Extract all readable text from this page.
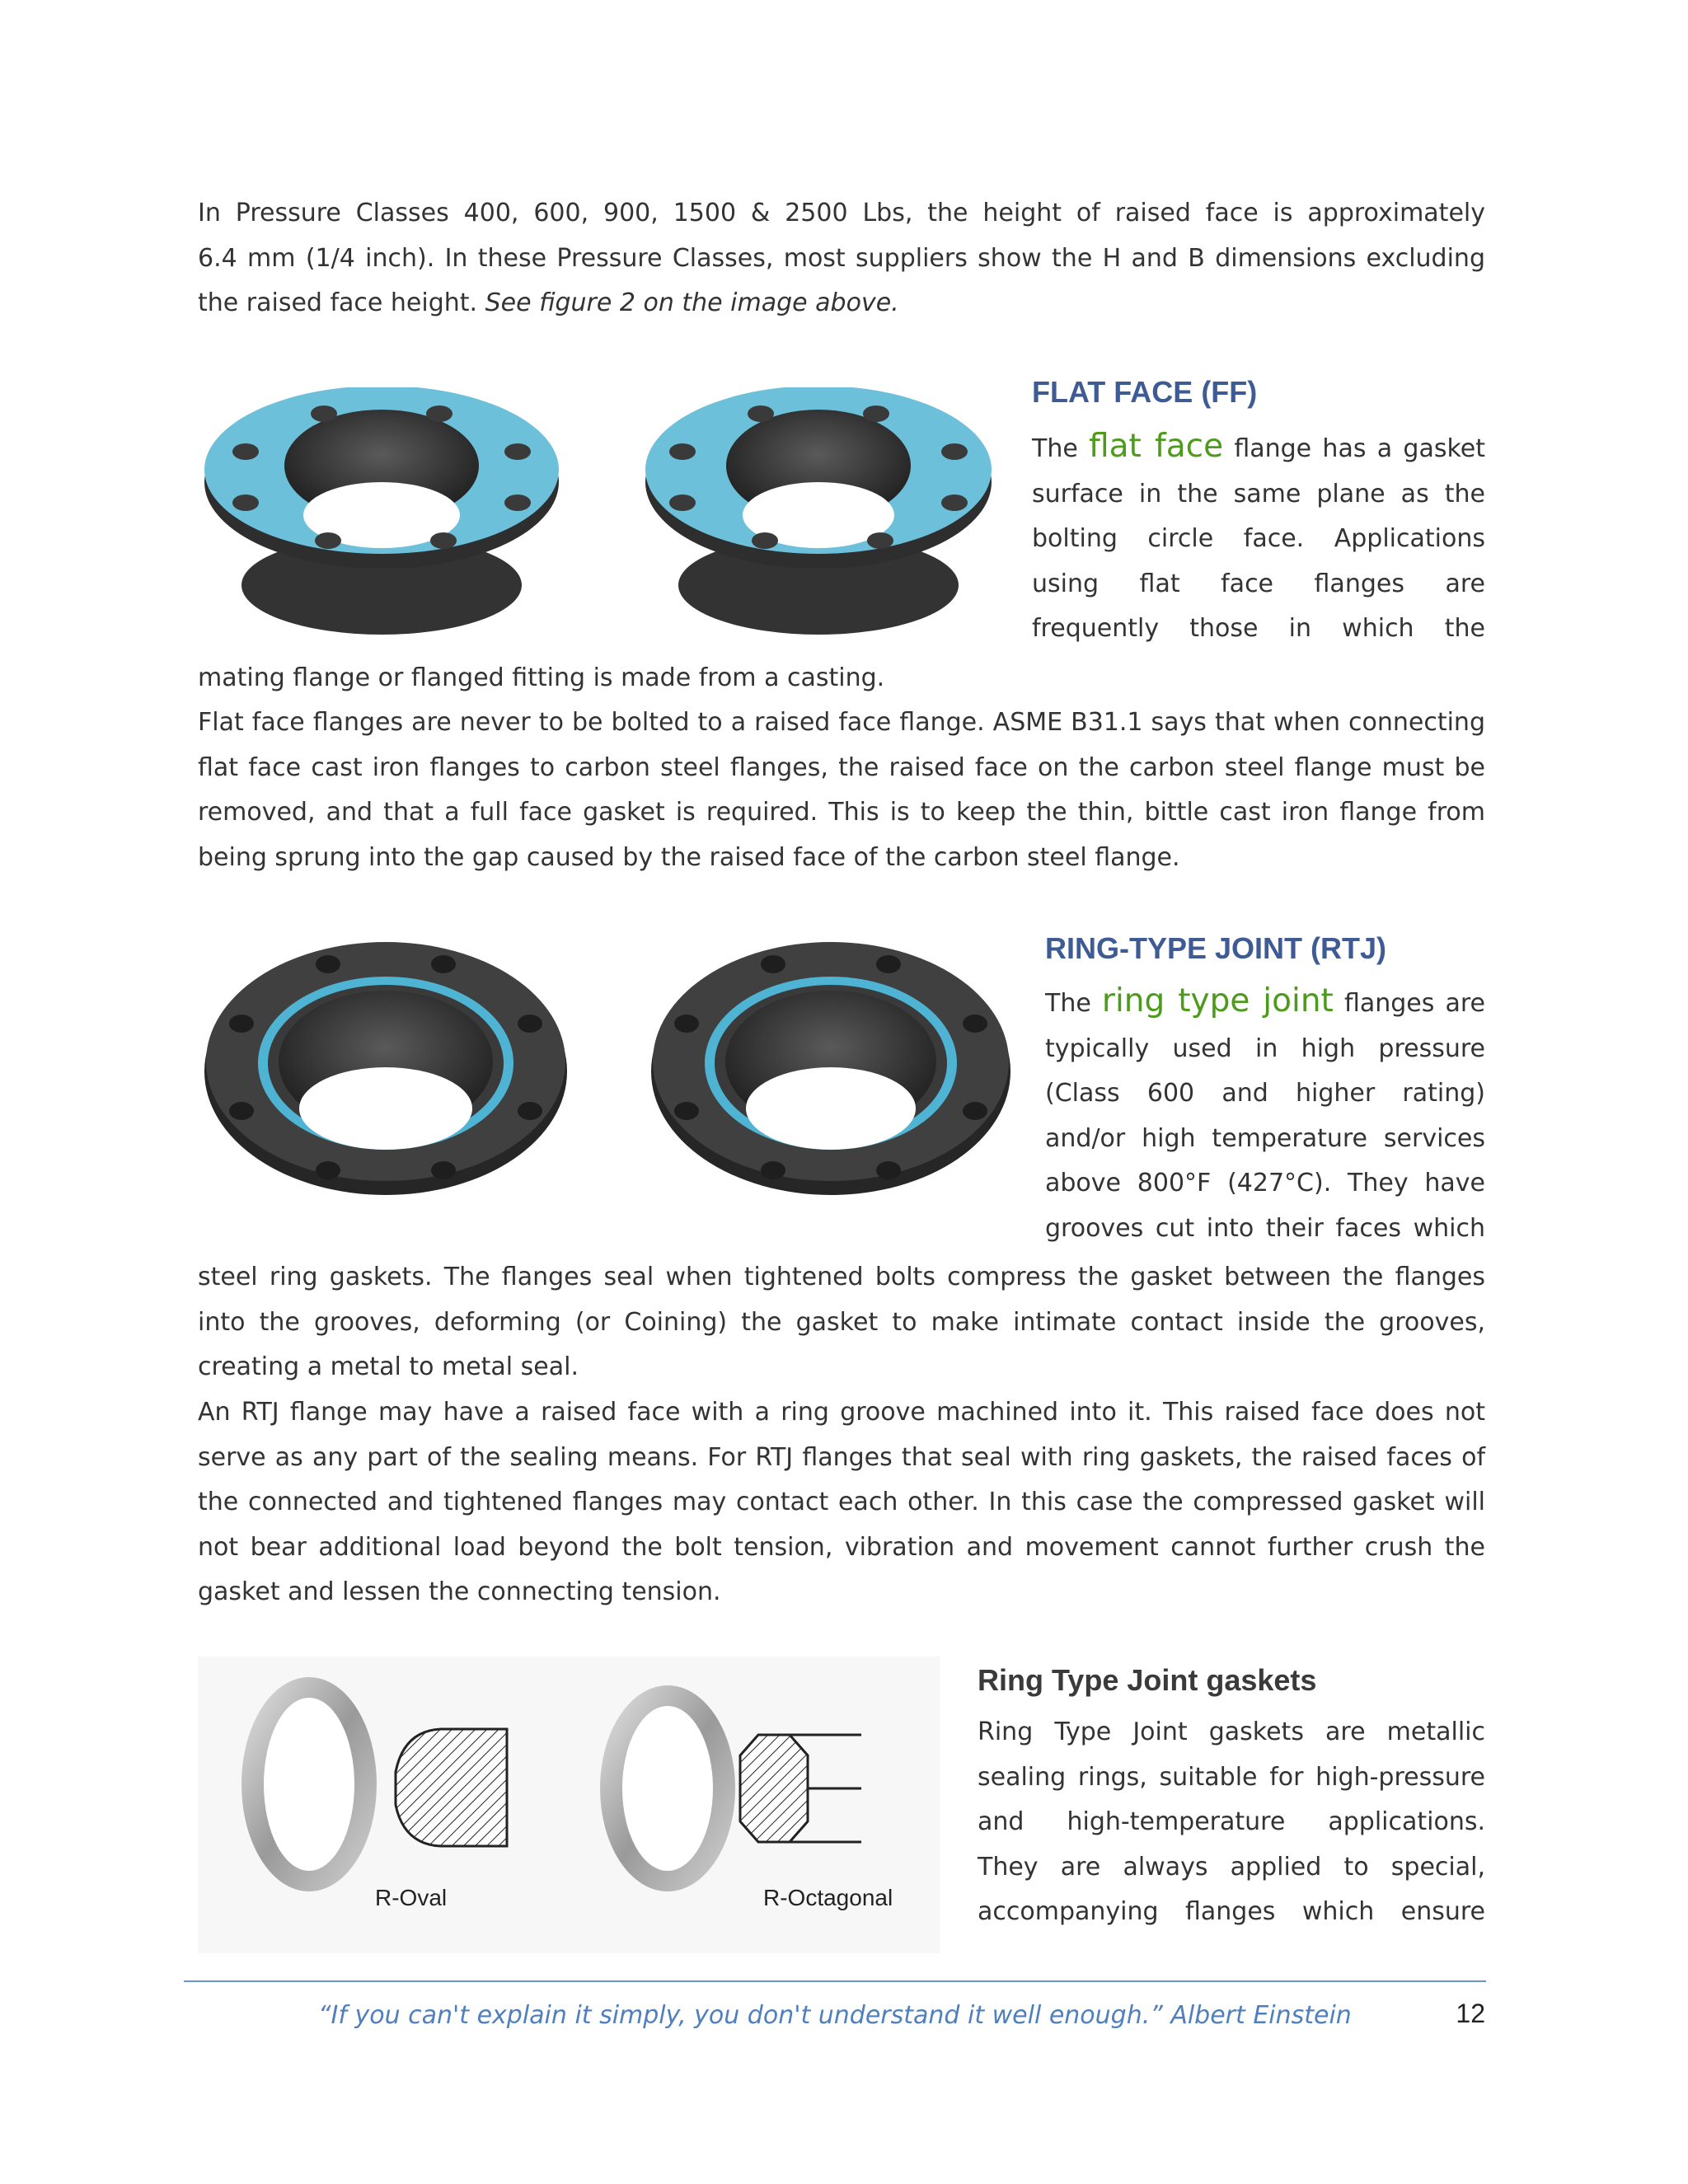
In Pressure Classes 400, 600, 900, 1500 & 2500 Lbs, the height of raised face is approximately
6.4 mm (1/4 inch). In these Pressure Classes, most suppliers show the H and B dimensions excluding
the raised face height. See figure 2 on the image above.

FLAT FACE (FF)
The flat face flange has a gasket
surface in the same plane as the
bolting circle face. Applications
using flat face flanges are
frequently those in which the

mating flange or flanged fitting is made from a casting.

Flat face flanges are never to be bolted to a raised face flange. ASME B31.1 says that when connecting flat face cast iron flanges to carbon steel flanges, the raised face on the carbon steel flange must be removed, and that a full face gasket is required. This is to keep the thin, bittle cast iron flange from being sprung into the gap caused by the raised face of the carbon steel flange.

RING-TYPE JOINT (RTJ)
The ring type joint flanges are
typically used in high pressure
(Class 600 and higher rating)
and/or high temperature services
above 800°F (427°C). They have
grooves cut into their faces which

steel ring gaskets. The flanges seal when tightened bolts compress the gasket between the flanges into the grooves, deforming (or Coining) the gasket to make intimate contact inside the grooves, creating a metal to metal seal.

An RTJ flange may have a raised face with a ring groove machined into it. This raised face does not serve as any part of the sealing means. For RTJ flanges that seal with ring gaskets, the raised faces of the connected and tightened flanges may contact each other. In this case the compressed gasket will not bear additional load beyond the bolt tension, vibration and movement cannot further crush the gasket and lessen the connecting tension.

R-Oval	R-Octagonal
Ring Type Joint gaskets
Ring Type Joint gaskets are metallic
sealing rings, suitable for high-pressure
and high-temperature applications.
They are always applied to special,
accompanying flanges which ensure
“If you can't explain it simply, you don't understand it well enough.” Albert Einstein	12
